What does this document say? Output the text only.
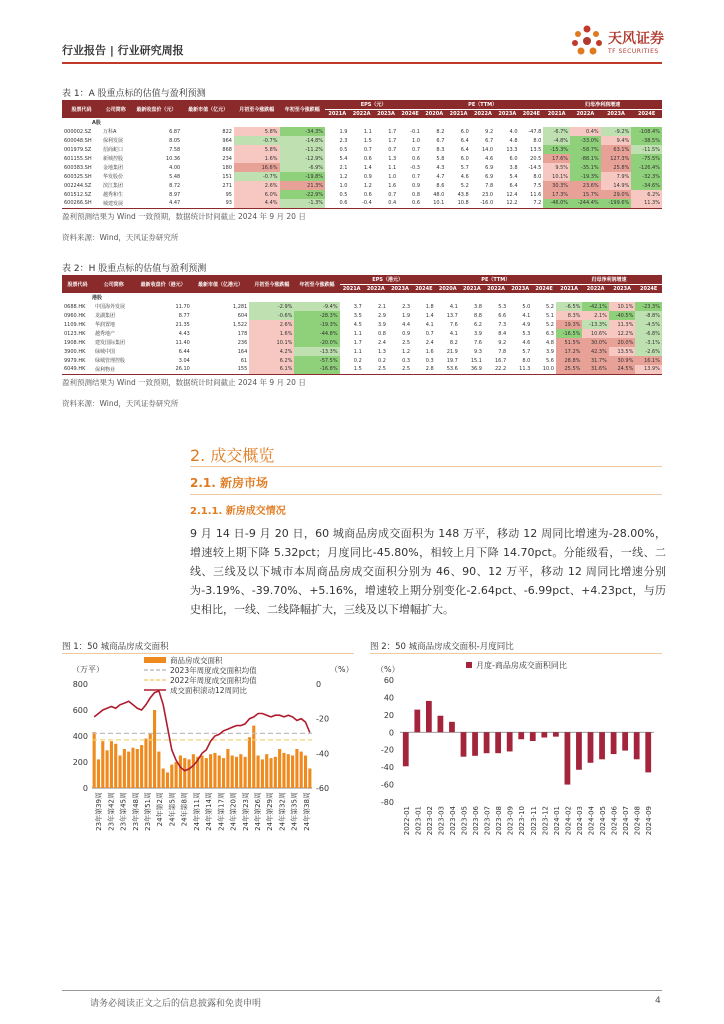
行业报告 | 行业研究周报
天风证券
TF SECURITIES
表 1：A 股重点标的估值与盈利预测
股票代码	公司简称	最新收盘价（元）	最新市值（亿元）	月初至今涨跌幅	年初至今涨跌幅	EPS（元）				PE（TTM）					归母净利润增速			
						2021A	2022A	2023A	2024E	2020A	2021A	2022A	2023A	2024E	2021A	2022A	2023A	2024E
A股																		
000002.SZ	万科A	6.87	822	5.8%	-34.3%	1.9	1.1	1.7	-0.1	8.2	6.0	9.2	4.0	-47.8	-6.7%	0.4%	-9.2%	-108.4%
600048.SH	保利发展	8.05	964	-0.7%	-14.8%	2.3	1.5	1.7	1.0	6.7	6.4	6.7	4.8	8.0	-4.8%	-33.0%	9.4%	-38.5%
001979.SZ	招商蛇口	7.58	868	5.8%	-11.2%	0.5	0.7	0.7	0.7	8.3	6.4	14.0	13.3	13.5	-15.3%	-58.7%	63.1%	-11.5%
601155.SH	新城控股	10.36	234	1.6%	-12.9%	5.4	0.6	1.3	0.6	5.8	6.0	4.6	6.0	20.5	17.6%	-88.1%	127.3%	-75.5%
600383.SH	金地集团	4.00	180	16.6%	-6.9%	2.1	1.4	1.1	-0.3	4.3	5.7	6.9	3.8	-14.5	9.5%	-35.1%	25.8%	-126.4%
600325.SH	华发股份	5.48	151	-0.7%	-19.8%	1.2	0.9	1.0	0.7	4.7	4.6	6.9	5.4	8.0	10.1%	-19.3%	7.9%	-32.3%
002244.SZ	滨江集团	8.72	271	2.6%	21.3%	1.0	1.2	1.6	0.9	8.6	5.2	7.8	6.4	7.5	30.3%	23.6%	14.9%	-34.6%
601512.SZ	越秀和生	8.97	95	6.0%	-22.9%	0.5	0.6	0.7	0.8	48.0	43.8	23.0	12.4	11.6	17.3%	15.7%	29.0%	6.2%
600266.SH	城建发展	4.47	93	4.4%	-1.3%	0.6	-0.4	0.4	0.6	10.1	10.8	-16.0	12.2	7.2	-46.0%	-244.4%	-199.6%	11.3%
盈利预测结果为 Wind 一致预期，数据统计时间截止 2024 年 9 月 20 日
资料来源：Wind，天风证券研究所
表 2：H 股重点标的估值与盈利预测
股票代码	公司简称	最新收盘价（港元）	最新市值（亿港元）	月初至今涨跌幅	年初至今涨跌幅	EPS（港元）				PE（TTM）					归母净利润增速			
						2021A	2022A	2023A	2024E	2020A	2021A	2022A	2023A	2024E	2021A	2022A	2023A	2024E
港股																		
0688.HK	中国海外发展	11.70	1,281	-2.9%	-9.4%	3.7	2.1	2.3	1.8	4.1	3.8	5.3	5.0	5.2	-6.5%	-42.1%	10.1%	-23.3%
0960.HK	龙湖集团	8.77	604	-0.6%	-28.3%	3.5	2.9	1.9	1.4	13.7	8.8	6.6	4.1	5.1	8.3%	2.1%	-40.5%	-8.8%
1109.HK	华润置地	21.35	1,522	2.6%	-19.3%	4.5	3.9	4.4	4.1	7.6	6.2	7.3	4.9	5.2	19.3%	-13.3%	11.3%	-4.5%
0123.HK	越秀地产	4.43	178	1.6%	-44.8%	1.1	0.8	0.9	0.7	4.1	3.9	8.4	5.3	6.3	-16.5%	10.6%	12.2%	-6.8%
1908.HK	建发国际集团	11.40	236	10.1%	-20.0%	1.7	2.4	2.5	2.4	8.2	7.6	9.2	4.6	4.8	51.5%	30.0%	20.0%	-3.1%
3900.HK	绿城中国	6.44	164	4.2%	-13.3%	1.1	1.3	1.2	1.6	21.9	9.3	7.8	5.7	3.9	17.2%	42.3%	13.5%	-2.6%
9979.HK	绿城管理控股	3.04	61	6.2%	-57.5%	0.2	0.2	0.3	0.3	19.7	15.1	16.7	8.0	5.6	28.8%	31.7%	30.9%	16.1%
6049.HK	保利物业	26.10	155	6.1%	-16.8%	1.5	2.5	2.5	2.8	53.6	36.9	22.2	11.3	10.0	25.5%	31.6%	24.5%	13.9%
盈利预测结果为 Wind 一致预期，数据统计时间截止 2024 年 9 月 20 日
资料来源：Wind，天风证券研究所
2. 成交概览
2.1. 新房市场
2.1.1. 新房成交情况
9 月 14 日-9 月 20 日，60 城商品房成交面积为 148 万平，移动 12 周同比增速为-28.00%，增速较上期下降 5.32pct；月度同比-45.80%，相较上月下降 14.70pct。分能级看，一线、二线、三线及以下城市本周商品房成交面积分别为 46、90、12 万平，移动 12 周同比增速分别为-3.19%、-39.70%、+5.16%，增速较上期分别变化-2.64pct、-6.99pct、+4.23pct，与历史相比，一线、二线降幅扩大，三线及以下增幅扩大。
图 1：50 城商品房成交面积
（万平）	（%）
0
200
400
600
800	0
-20
-40
-60
商品房成交面积
2023年周度成交面积均值
2022年周度成交面积均值
成交面积滚动12周同比
23年第39周 23年第42周 23年第45周 23年第48周 23年第51周 24年第2周 24年第5周 24年第8周 24年第11周 24年第14周 24年第17周 24年第20周 24年第23周 24年第26周 24年第29周 24年第32周 24年第35周 24年第38周
图 2：50 城商品房成交面积-月度同比
（%）
60
40
20
0
-20
-40
-60
-80
2022-01 2023-01 2023-02 2023-03 2023-04 2023-05 2023-06 2023-07 2023-08 2023-09 2023-10 2023-11 2023-12 2024-01 2024-02 2024-03 2024-04 2024-05 2024-06 2024-07 2024-08 2024-09
月度-商品房成交面积同比
请务必阅读正文之后的信息披露和免责申明	4
